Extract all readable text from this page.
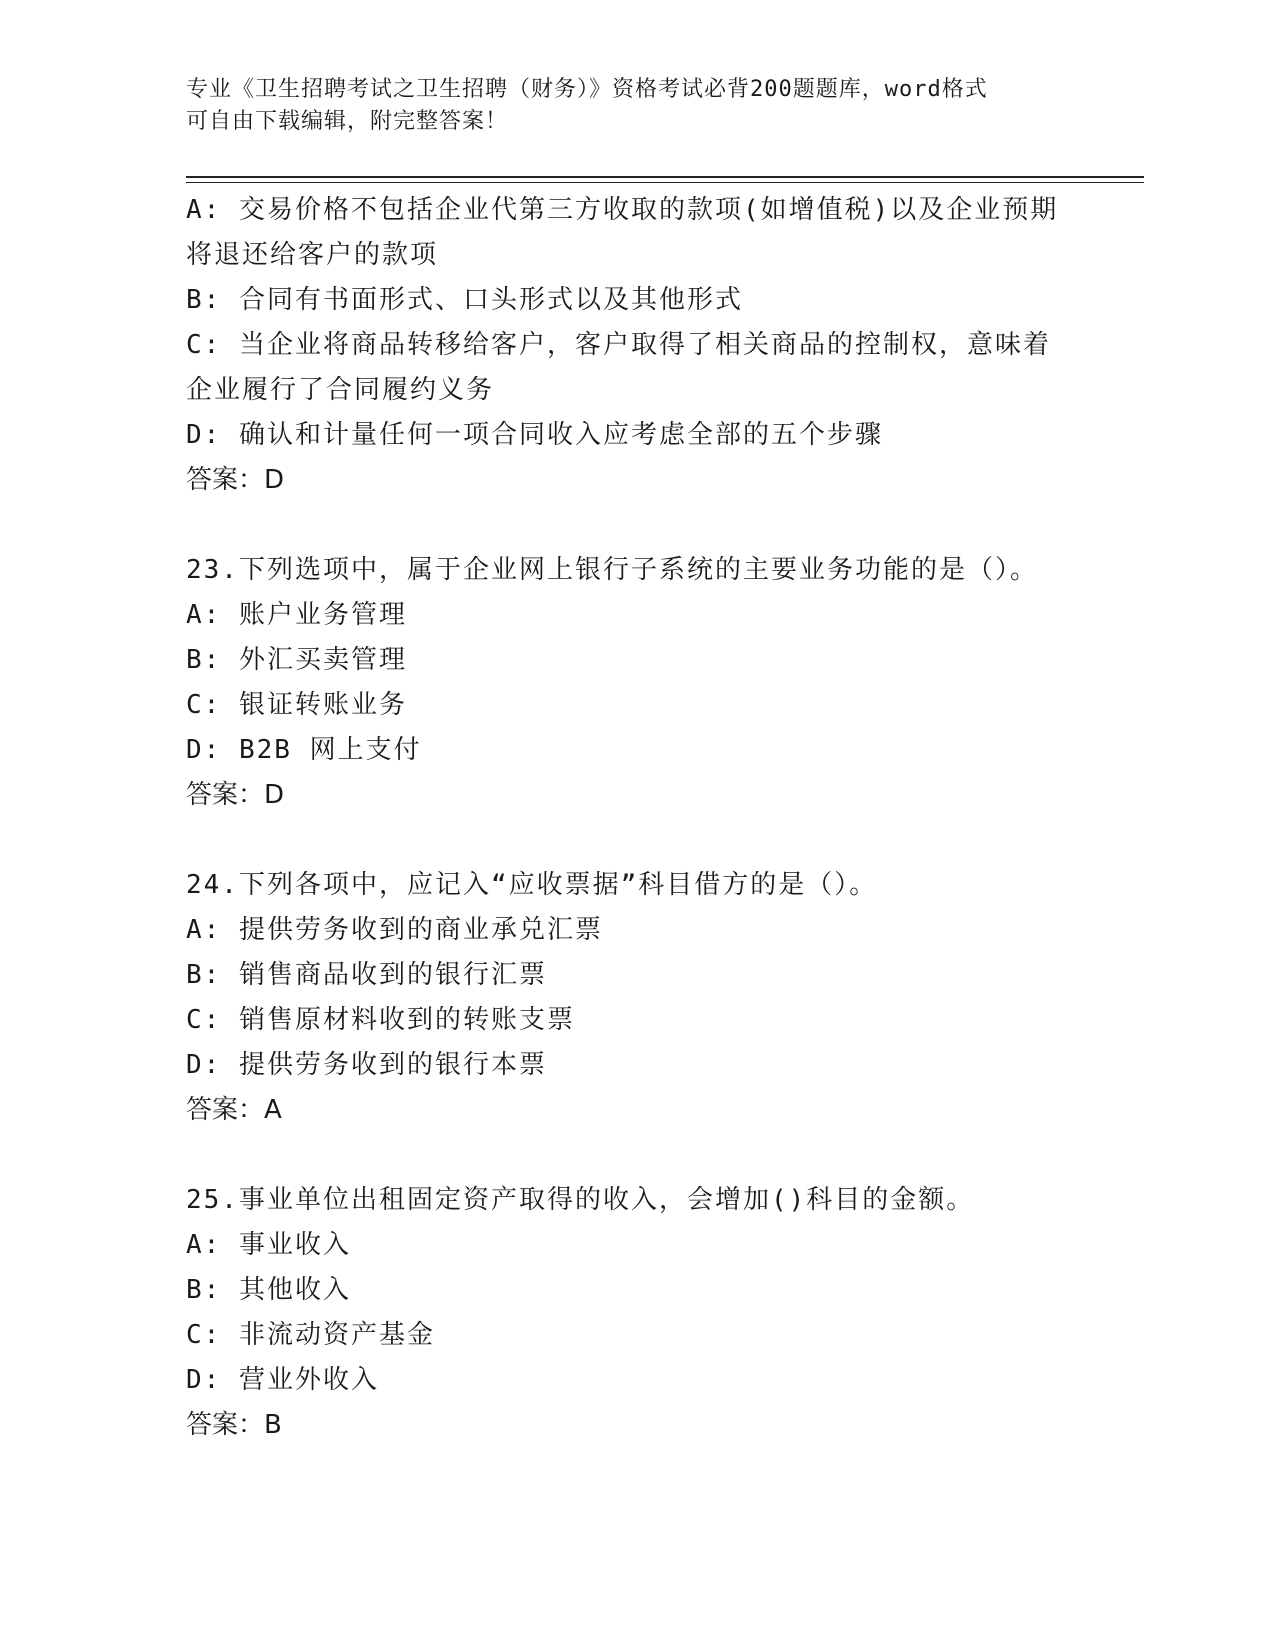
专业《卫生招聘考试之卫生招聘（财务）》资格考试必背200题题库，word格式
可自由下载编辑，附完整答案！
A: 交易价格不包括企业代第三方收取的款项(如增值税)以及企业预期
将退还给客户的款项
B: 合同有书面形式、口头形式以及其他形式
C: 当企业将商品转移给客户，客户取得了相关商品的控制权，意味着
企业履行了合同履约义务
D: 确认和计量任何一项合同收入应考虑全部的五个步骤
答案：D
23.下列选项中，属于企业网上银行子系统的主要业务功能的是（）。
A: 账户业务管理
B: 外汇买卖管理
C: 银证转账业务
D: B2B 网上支付
答案：D
24.下列各项中，应记入“应收票据”科目借方的是（）。
A: 提供劳务收到的商业承兑汇票
B: 销售商品收到的银行汇票
C: 销售原材料收到的转账支票
D: 提供劳务收到的银行本票
答案：A
25.事业单位出租固定资产取得的收入，会增加()科目的金额。
A: 事业收入
B: 其他收入
C: 非流动资产基金
D: 营业外收入
答案：B
